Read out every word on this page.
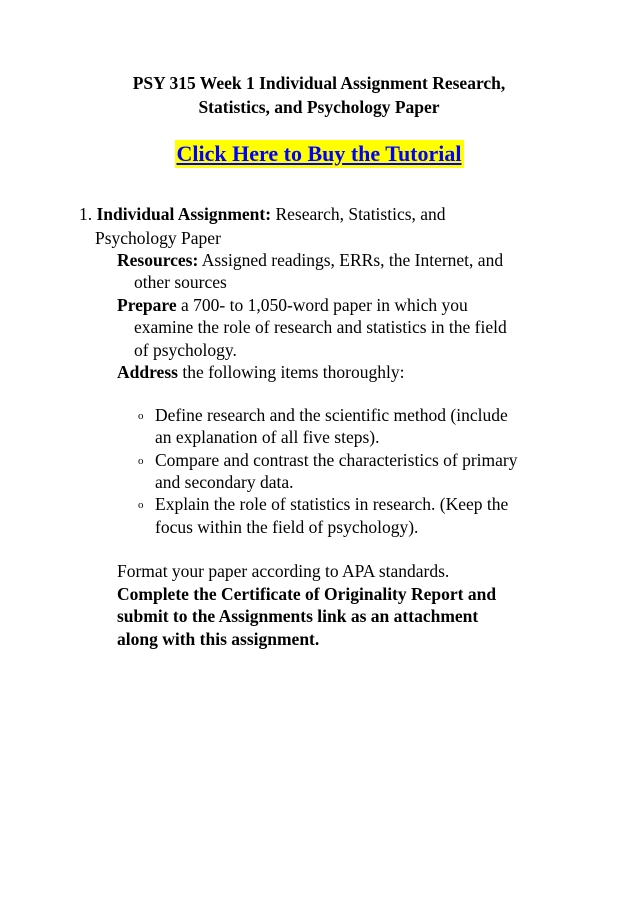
PSY 315 Week 1 Individual Assignment Research,
Statistics, and Psychology Paper
Click Here to Buy the Tutorial
1. Individual Assignment: Research, Statistics, and
Psychology Paper
Resources: Assigned readings, ERRs, the Internet, and
other sources
Prepare a 700- to 1,050-word paper in which you
examine the role of research and statistics in the field
of psychology.
Address the following items thoroughly:
o Define research and the scientific method (include
an explanation of all five steps).
o Compare and contrast the characteristics of primary
and secondary data.
o Explain the role of statistics in research. (Keep the
focus within the field of psychology).
Format your paper according to APA standards.
Complete the Certificate of Originality Report and
submit to the Assignments link as an attachment
along with this assignment.
